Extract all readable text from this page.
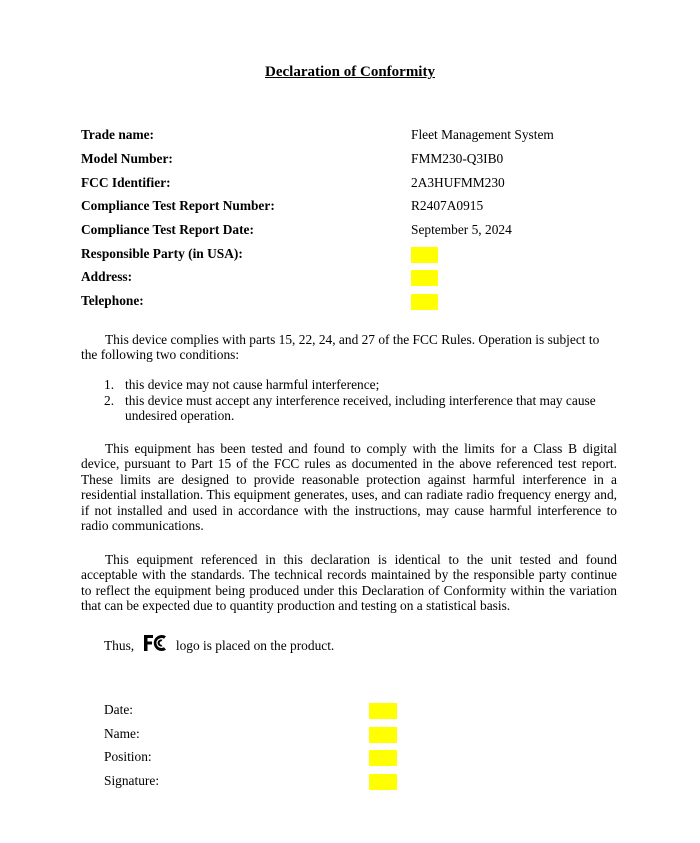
Declaration of Conformity
Trade name:	Fleet Management System
Model Number:	FMM230-Q3IB0
FCC Identifier:	2A3HUFMM230
Compliance Test Report Number:	R2407A0915
Compliance Test Report Date:	September 5, 2024
Responsible Party (in USA):
Address:
Telephone:
This device complies with parts 15, 22, 24, and 27 of the FCC Rules. Operation is subject to
the following two conditions:
1. this device may not cause harmful interference;
2. this device must accept any interference received, including interference that may cause undesired operation.

This equipment has been tested and found to comply with the limits for a Class B digital device, pursuant to Part 15 of the FCC rules as documented in the above referenced test report. These limits are designed to provide reasonable protection against harmful interference in a residential installation. This equipment generates, uses, and can radiate radio frequency energy and, if not installed and used in accordance with the instructions, may cause harmful interference to radio communications.

This equipment referenced in this declaration is identical to the unit tested and found acceptable with the standards. The technical records maintained by the responsible party continue to reflect the equipment being produced under this Declaration of Conformity within the variation that can be expected due to quantity production and testing on a statistical basis.

Thus,	logo is placed on the product.
Date:
Name:
Position:
Signature:
